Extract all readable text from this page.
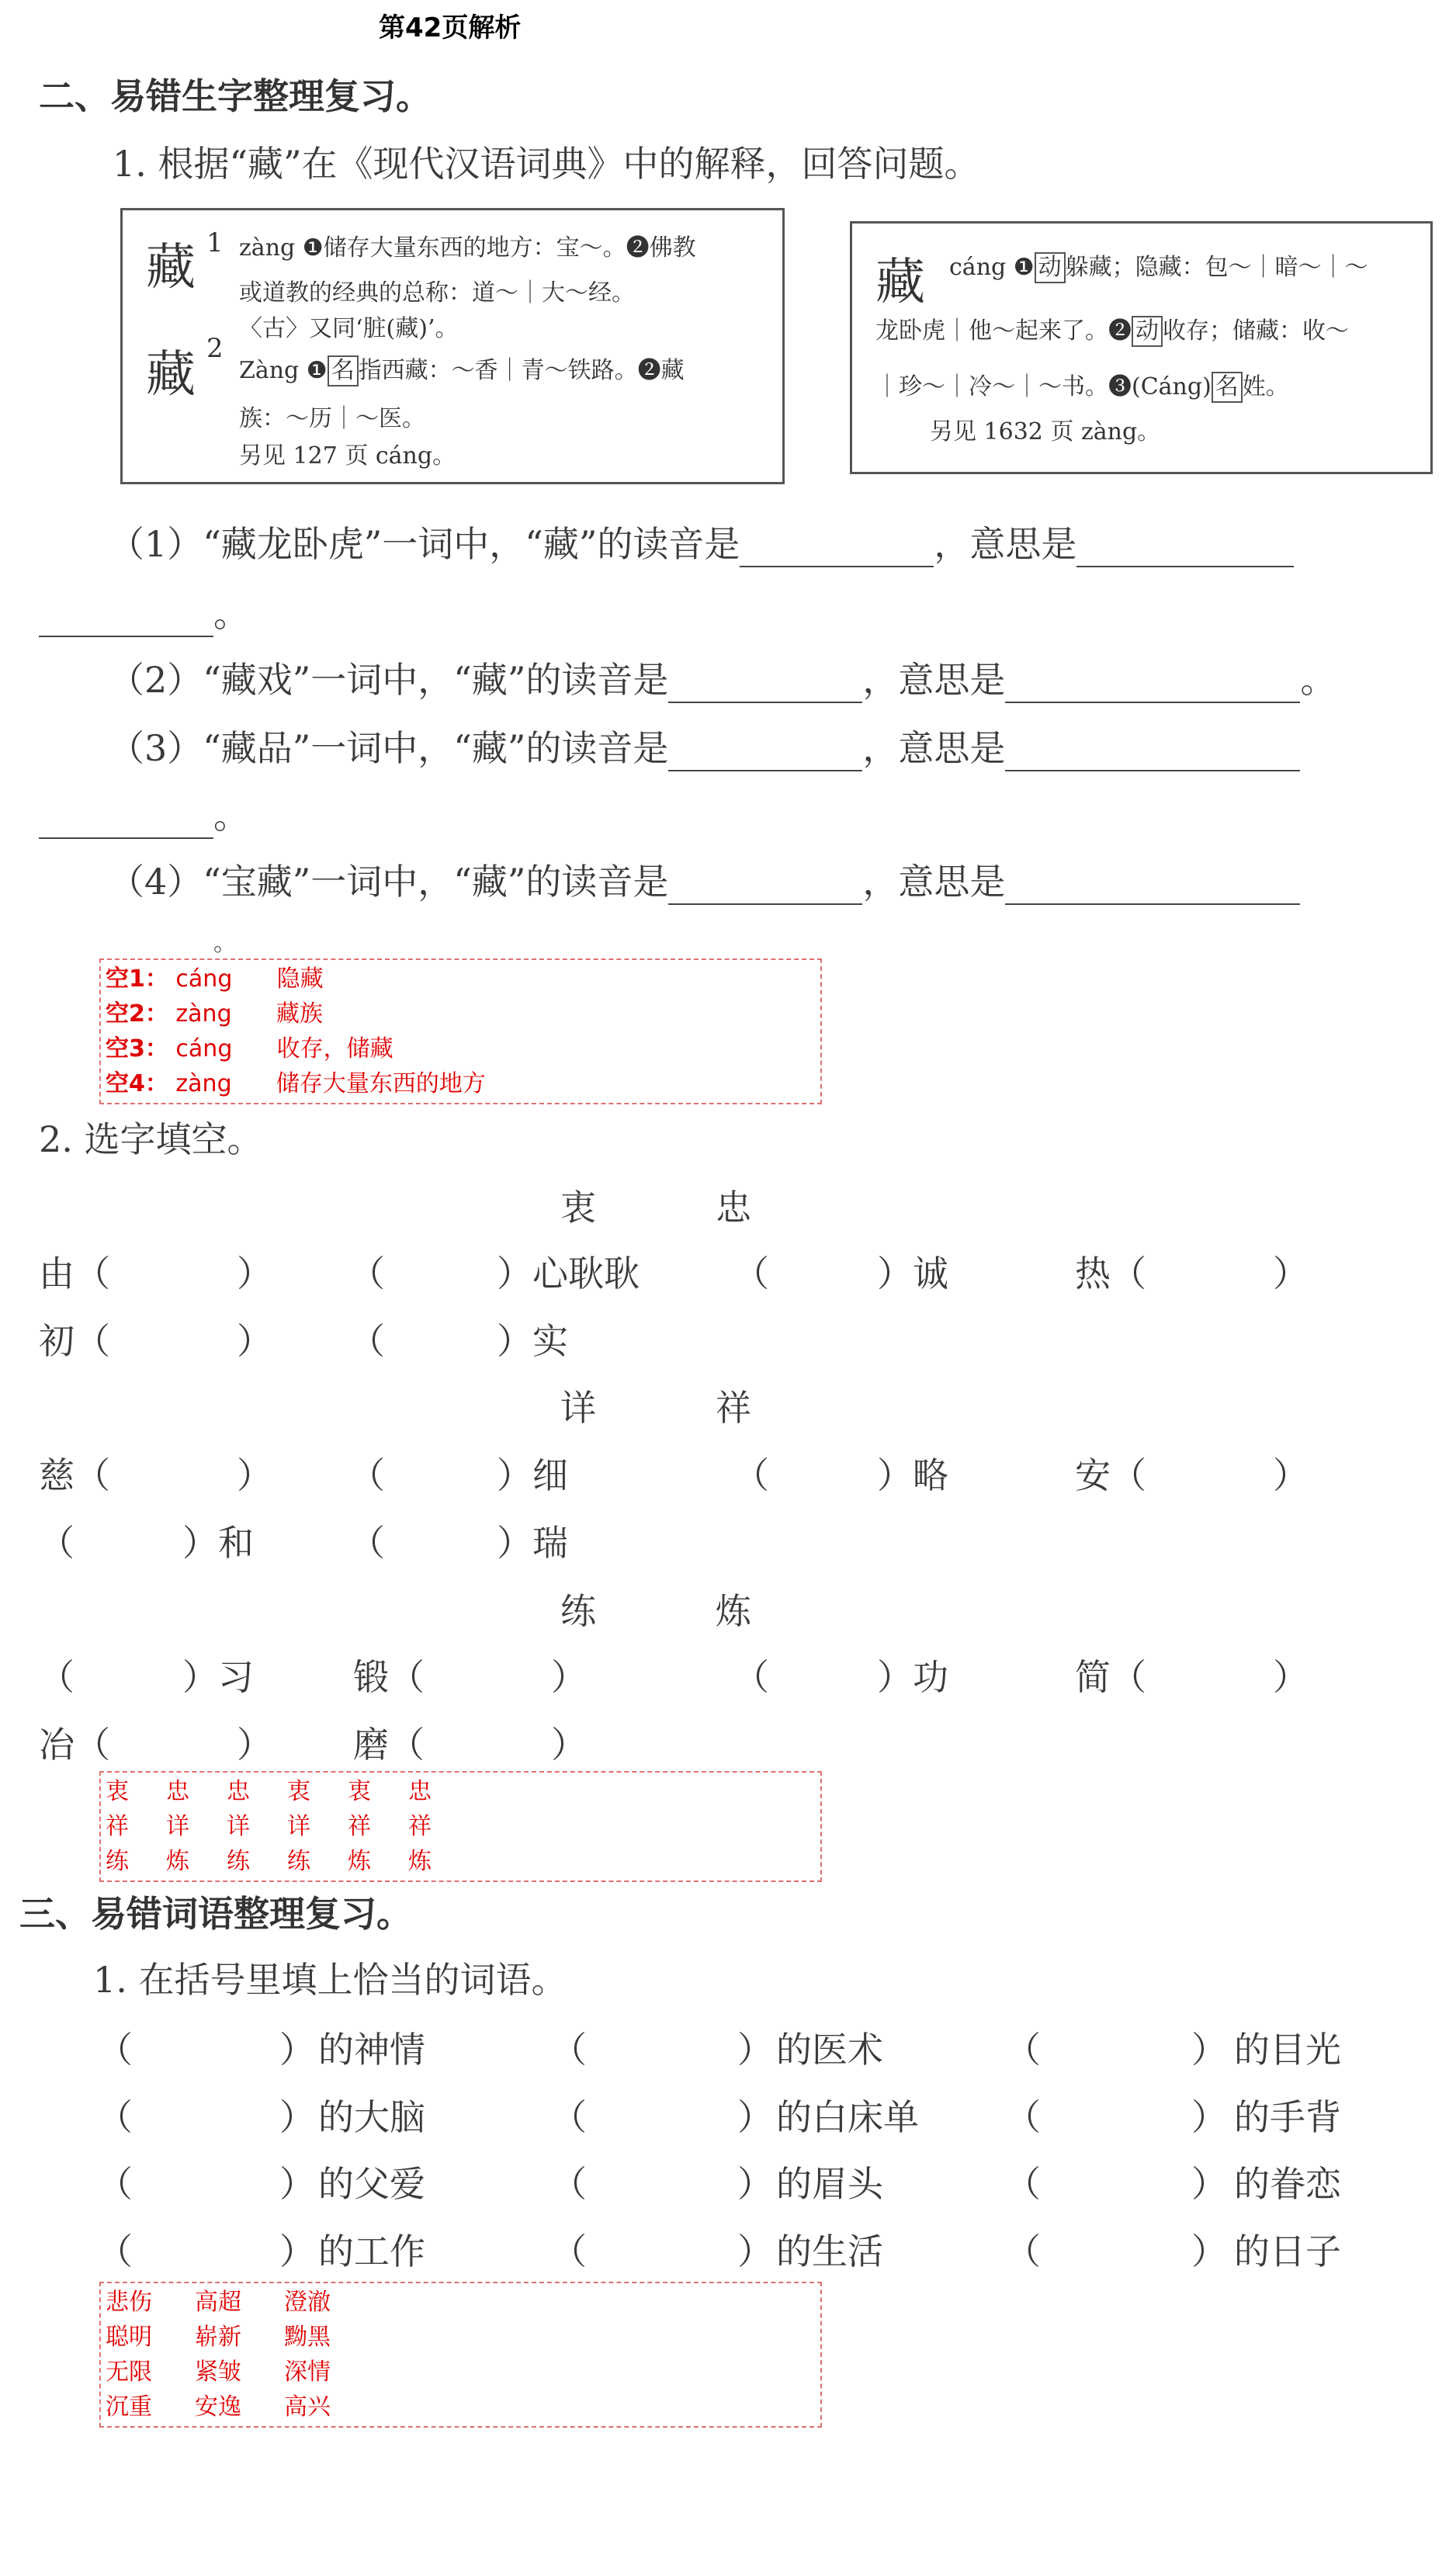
第42页解析
二、易错生字整理复习。
1. 根据“藏”在《现代汉语词典》中的解释，回答问题。
藏 1
藏 2
zàng ❶储存大量东西的地方：宝～。❷佛教
或道教的经典的总称：道～｜大～经。
〈古〉又同‘脏(藏)’。
Zàng ❶ 名 指西藏：～香｜青～铁路。❷藏
族：～历｜～医。
另见 127 页 cáng。
藏 cáng ❶ 动 躲藏；隐藏：包～｜暗～｜～
龙卧虎｜他～起来了。❷ 动 收存；储藏：收～
｜珍～｜冷～｜～书。❸(Cáng) 名 姓。
另见 1632 页 zàng。
（1）“藏龙卧虎”一词中，“藏”的读音是	，意思是
。
（2）“藏戏”一词中，“藏”的读音是	，意思是	。
（3）“藏品”一词中，“藏”的读音是	，意思是
。
（4）“宝藏”一词中，“藏”的读音是	，意思是
。
空1： cáng      隐藏
空2： zàng      藏族
空3： cáng      收存，储藏
空4： zàng      储存大量东西的地方
2. 选字填空。
衷	忠
由（	） （	）心耿耿	（	）诚	热（	）
初（	） （	）实
详	祥
慈（	） （	）细	（	）略	安（	）
（	）和	（	）瑞
练	炼
（	）习	锻（	）	（	）功	简（	）
冶（	） 磨（	）
衷 忠 忠 衷 衷 忠
祥 详 详 详 祥 祥
练 炼 练 练 炼 炼
三、易错词语整理复习。
1. 在括号里填上恰当的词语。
（	） 的神情	（	） 的医术	（	） 的目光
（	） 的大脑	（	） 的白床单 （	） 的手背
（	） 的父爱	（	） 的眉头	（	） 的眷恋
（	） 的工作	（	） 的生活	（	） 的日子
悲伤 高超 澄澈
聪明 崭新 黝黑
无限 紧皱 深情
沉重 安逸 高兴
